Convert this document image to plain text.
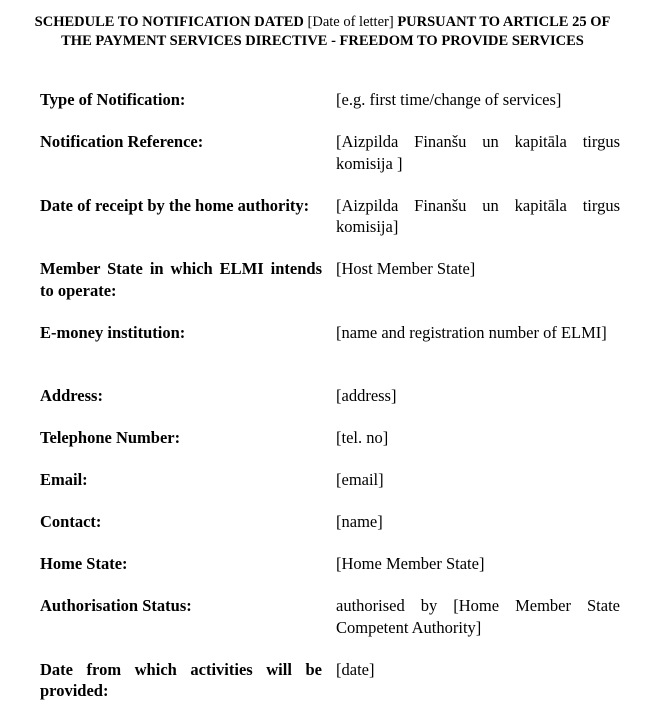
SCHEDULE TO NOTIFICATION DATED [Date of letter] PURSUANT TO ARTICLE 25 OF THE PAYMENT SERVICES DIRECTIVE - FREEDOM TO PROVIDE SERVICES
Type of Notification:	[e.g. first time/change of services]
Notification Reference:	[Aizpilda Finanšu un kapitāla tirgus komisija ]
Date of receipt by the home authority:	[Aizpilda Finanšu un kapitāla tirgus komisija]
Member State in which ELMI intends to operate:
[Host Member State]
E-money institution:	[name and registration number of ELMI]
Address:	[address]
Telephone Number:	[tel. no]
Email:	[email]
Contact:	[name]
Home State:	[Home Member State]
Authorisation Status:	authorised by [Home Member State Competent Authority]
Date from which activities will be provided:
[date]
